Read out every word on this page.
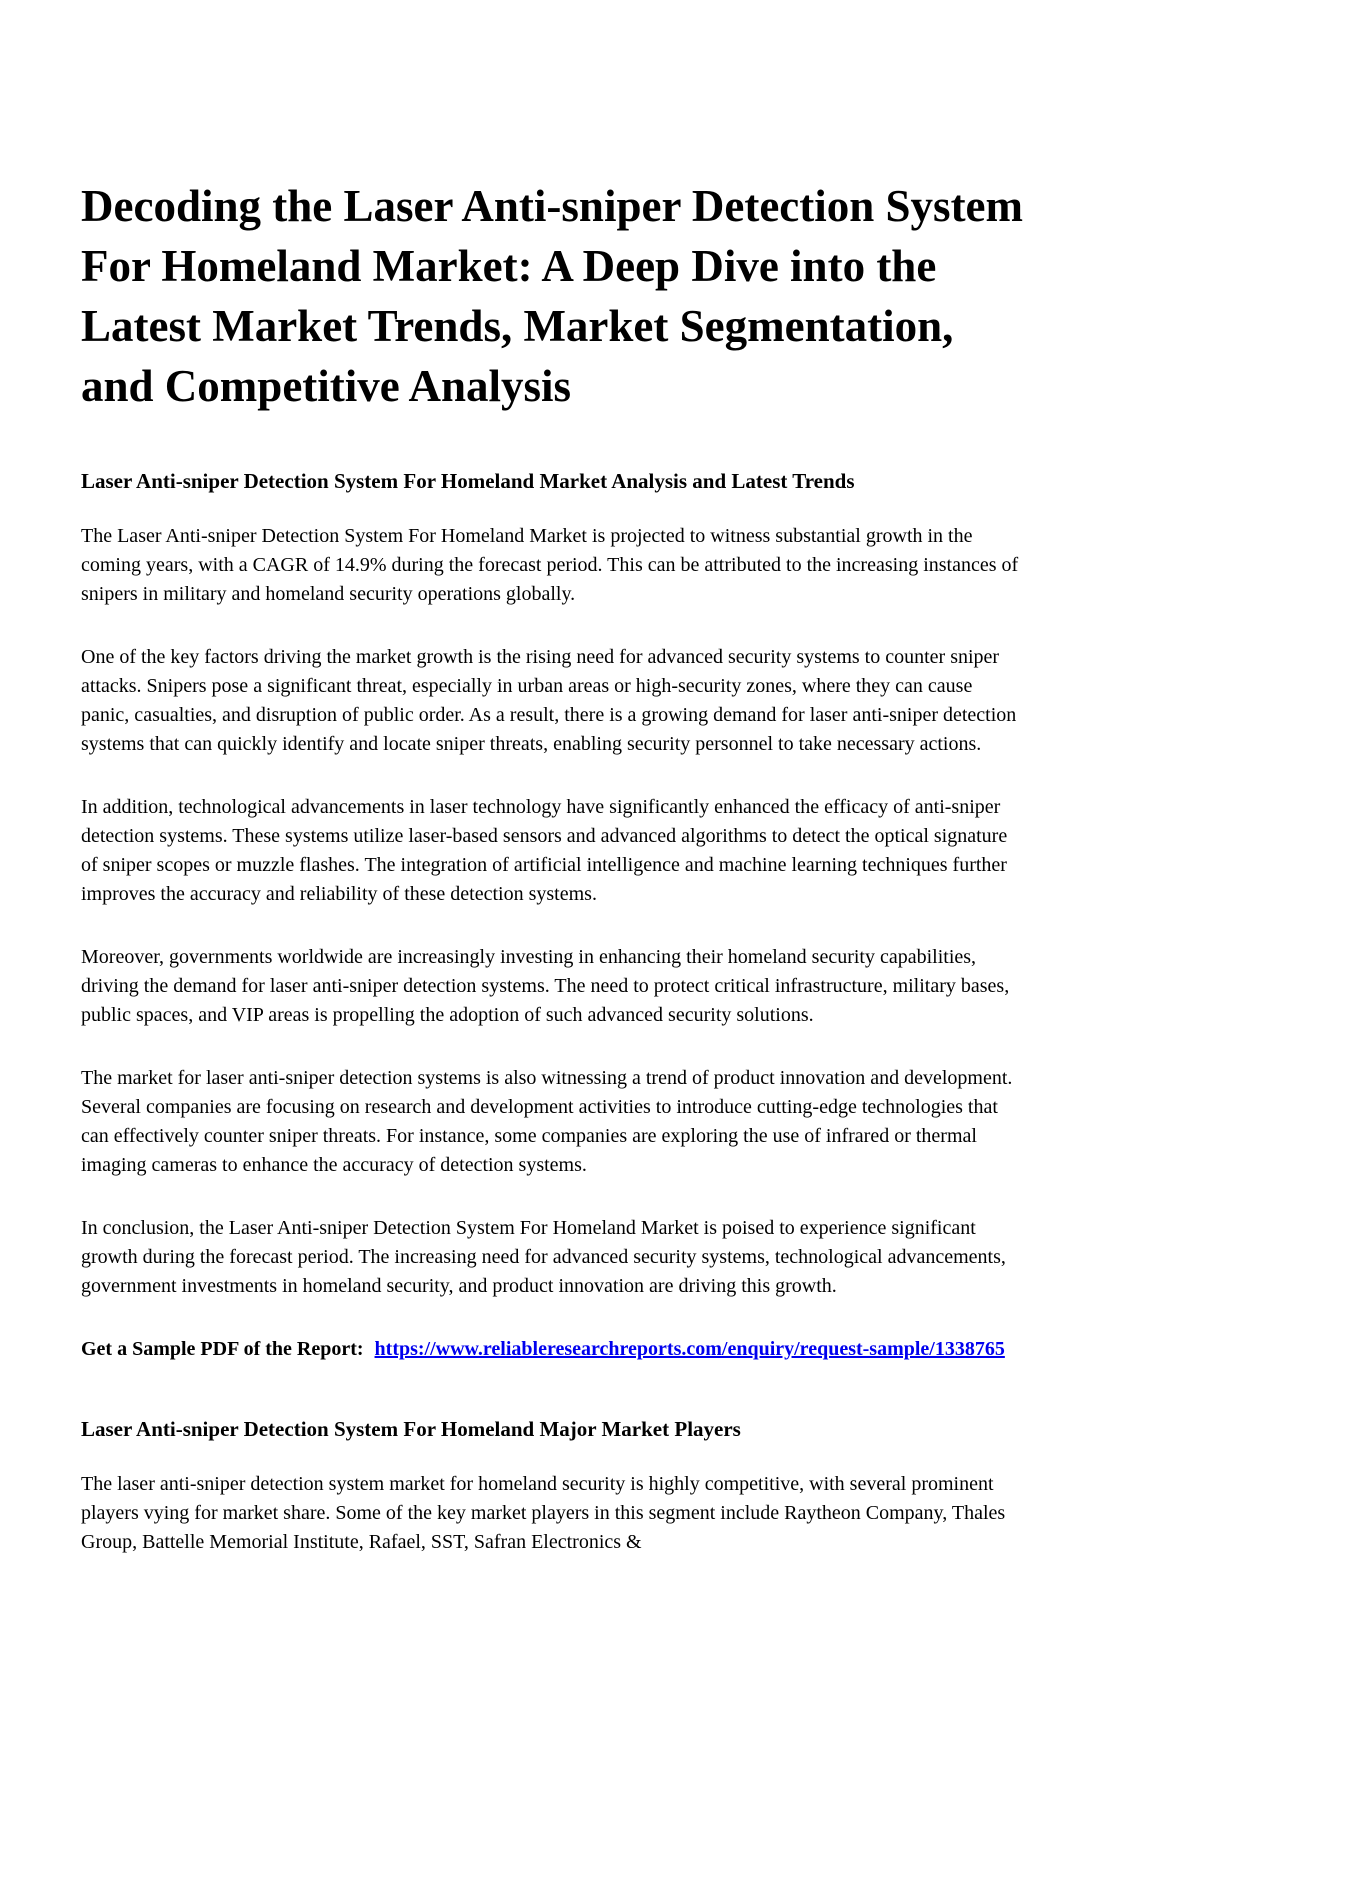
Decoding the Laser Anti-sniper Detection System For Homeland Market: A Deep Dive into the Latest Market Trends, Market Segmentation, and Competitive Analysis
Laser Anti-sniper Detection System For Homeland Market Analysis and Latest Trends

The Laser Anti-sniper Detection System For Homeland Market is projected to witness substantial growth in the coming years, with a CAGR of 14.9% during the forecast period. This can be attributed to the increasing instances of snipers in military and homeland security operations globally.

One of the key factors driving the market growth is the rising need for advanced security systems to counter sniper attacks. Snipers pose a significant threat, especially in urban areas or high-security zones, where they can cause panic, casualties, and disruption of public order. As a result, there is a growing demand for laser anti-sniper detection systems that can quickly identify and locate sniper threats, enabling security personnel to take necessary actions.

In addition, technological advancements in laser technology have significantly enhanced the efficacy of anti-sniper detection systems. These systems utilize laser-based sensors and advanced algorithms to detect the optical signature of sniper scopes or muzzle flashes. The integration of artificial intelligence and machine learning techniques further improves the accuracy and reliability of these detection systems.

Moreover, governments worldwide are increasingly investing in enhancing their homeland security capabilities, driving the demand for laser anti-sniper detection systems. The need to protect critical infrastructure, military bases, public spaces, and VIP areas is propelling the adoption of such advanced security solutions.

The market for laser anti-sniper detection systems is also witnessing a trend of product innovation and development. Several companies are focusing on research and development activities to introduce cutting-edge technologies that can effectively counter sniper threats. For instance, some companies are exploring the use of infrared or thermal imaging cameras to enhance the accuracy of detection systems.

In conclusion, the Laser Anti-sniper Detection System For Homeland Market is poised to experience significant growth during the forecast period. The increasing need for advanced security systems, technological advancements, government investments in homeland security, and product innovation are driving this growth.

Get a Sample PDF of the Report: https://www.reliableresearchreports.com/enquiry/request-sample/1338765

Laser Anti-sniper Detection System For Homeland Major Market Players

The laser anti-sniper detection system market for homeland security is highly competitive, with several prominent players vying for market share. Some of the key market players in this segment include Raytheon Company, Thales Group, Battelle Memorial Institute, Rafael, SST, Safran Electronics &
